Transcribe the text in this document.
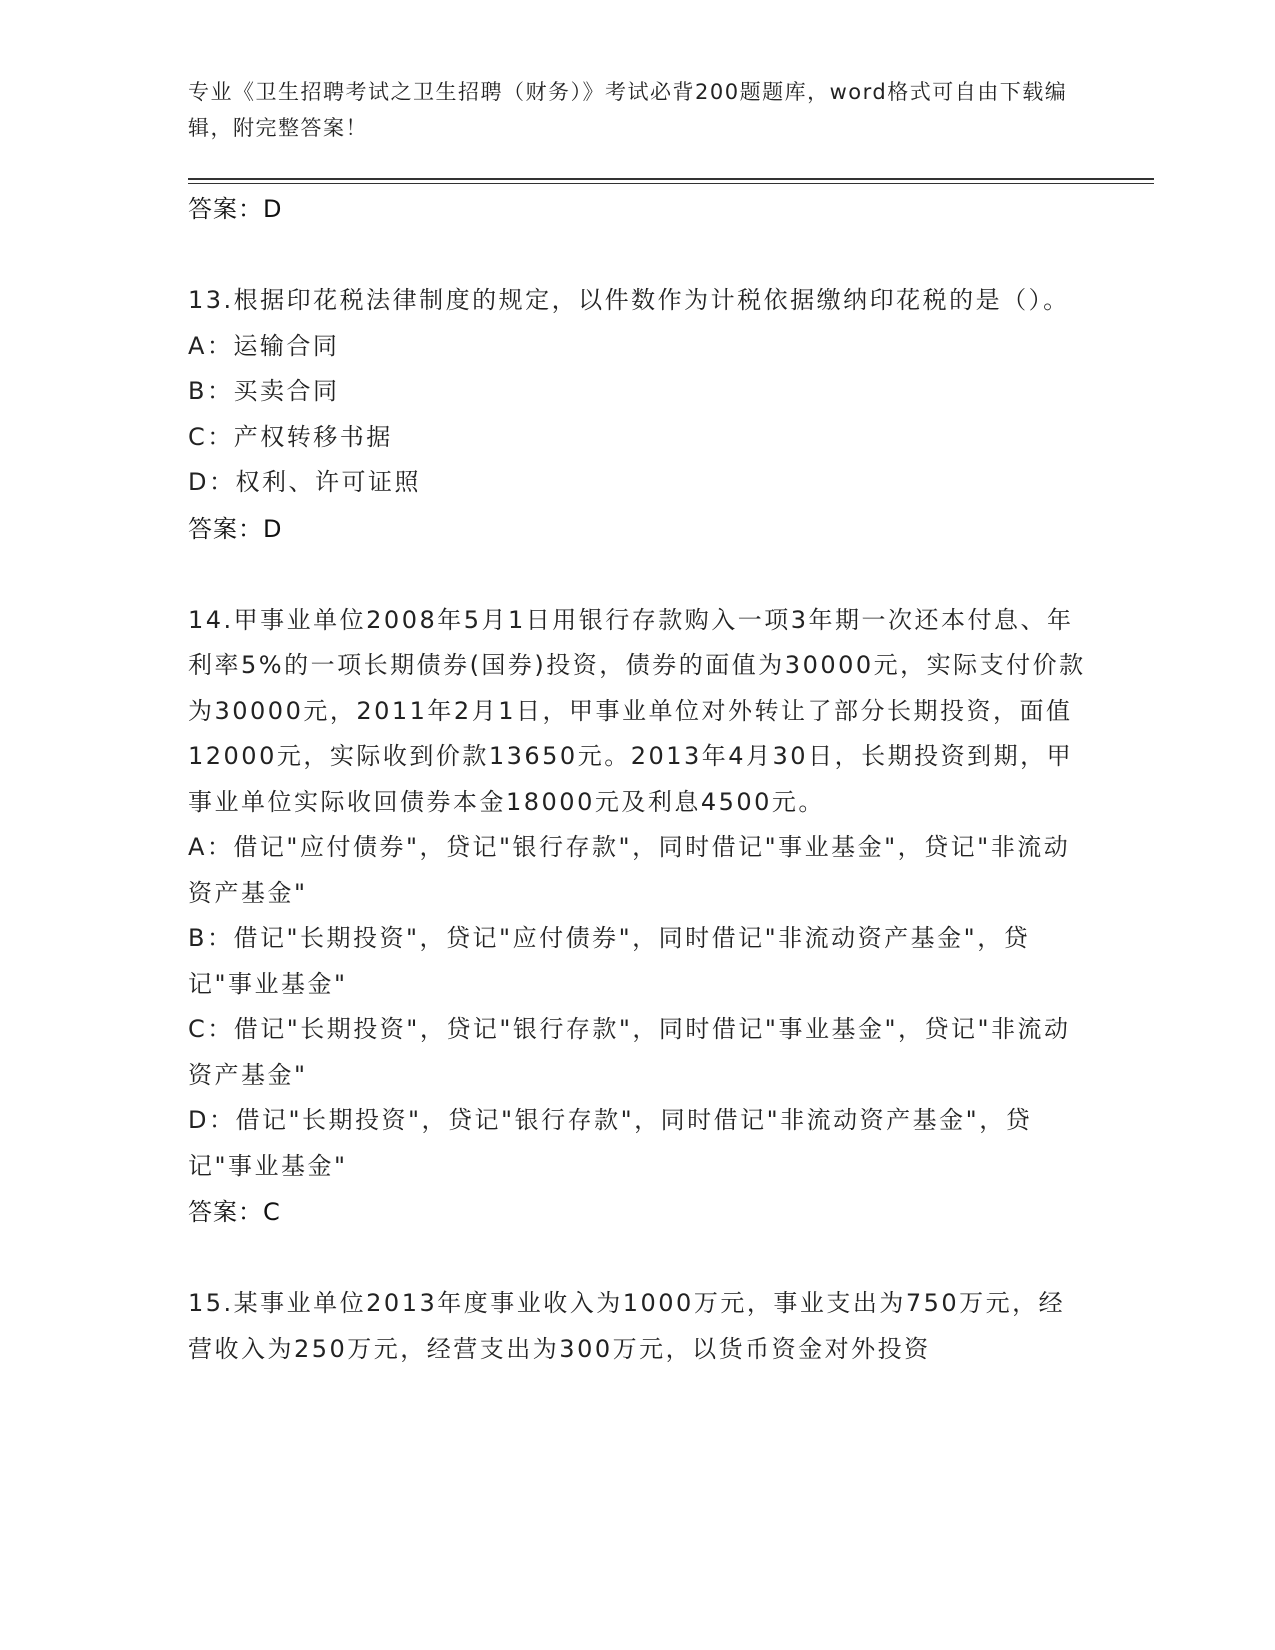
专业《卫生招聘考试之卫生招聘（财务）》考试必背200题题库，word格式可自由下载编辑，附完整答案！
答案：D
13.根据印花税法律制度的规定，以件数作为计税依据缴纳印花税的是（）。
A：运输合同
B：买卖合同
C：产权转移书据
D：权利、许可证照
答案：D
14.甲事业单位2008年5月1日用银行存款购入一项3年期一次还本付息、年利率5%的一项长期债券(国券)投资，债券的面值为30000元，实际支付价款为30000元，2011年2月1日，甲事业单位对外转让了部分长期投资，面值12000元，实际收到价款13650元。2013年4月30日，长期投资到期，甲事业单位实际收回债券本金18000元及利息4500元。
A：借记"应付债券"，贷记"银行存款"，同时借记"事业基金"，贷记"非流动资产基金"
B：借记"长期投资"，贷记"应付债券"，同时借记"非流动资产基金"，贷记"事业基金"
C：借记"长期投资"，贷记"银行存款"，同时借记"事业基金"，贷记"非流动资产基金"
D：借记"长期投资"，贷记"银行存款"，同时借记"非流动资产基金"，贷记"事业基金"
答案：C
15.某事业单位2013年度事业收入为1000万元，事业支出为750万元，经营收入为250万元，经营支出为300万元，以货币资金对外投资
